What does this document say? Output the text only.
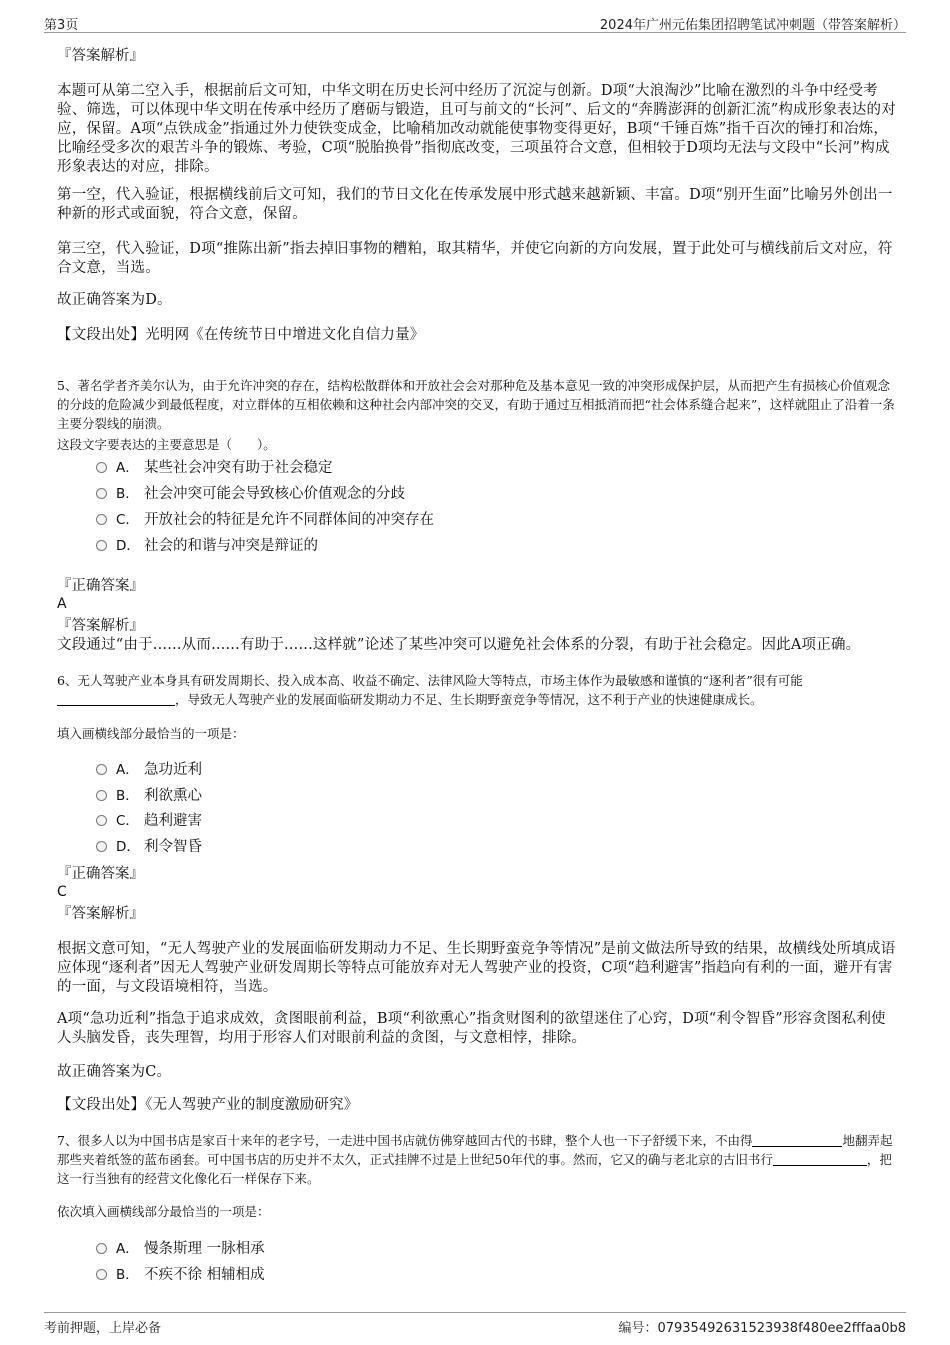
第3页	2024年广州元佑集团招聘笔试冲刺题（带答案解析）
『答案解析』
本题可从第二空入手，根据前后文可知，中华文明在历史长河中经历了沉淀与创新。D项“大浪淘沙”比喻在激烈的斗争中经受考验、筛选，可以体现中华文明在传承中经历了磨砺与锻造，且可与前文的“长河”、后文的“奔腾澎湃的创新汇流”构成形象表达的对应，保留。A项“点铁成金”指通过外力使铁变成金，比喻稍加改动就能使事物变得更好，B项“千锤百炼”指千百次的锤打和冶炼，比喻经受多次的艰苦斗争的锻炼、考验，C项“脱胎换骨”指彻底改变，三项虽符合文意，但相较于D项均无法与文段中“长河”构成形象表达的对应，排除。
第一空，代入验证，根据横线前后文可知，我们的节日文化在传承发展中形式越来越新颖、丰富。D项“别开生面”比喻另外创出一种新的形式或面貌，符合文意，保留。
第三空，代入验证，D项“推陈出新”指去掉旧事物的糟粕，取其精华，并使它向新的方向发展，置于此处可与横线前后文对应，符合文意，当选。
故正确答案为D。
【文段出处】光明网《在传统节日中增进文化自信力量》
5、著名学者齐美尔认为，由于允许冲突的存在，结构松散群体和开放社会会对那种危及基本意见一致的冲突形成保护层，从而把产生有损核心价值观念的分歧的危险减少到最低程度，对立群体的互相依赖和这种社会内部冲突的交叉，有助于通过互相抵消而把“社会体系缝合起来”，这样就阻止了沿着一条主要分裂线的崩溃。
这段文字要表达的主要意思是（　　）。
A． 某些社会冲突有助于社会稳定
B． 社会冲突可能会导致核心价值观念的分歧
C． 开放社会的特征是允许不同群体间的冲突存在
D． 社会的和谐与冲突是辩证的
『正确答案』
A
『答案解析』
文段通过“由于......从而......有助于......这样就”论述了某些冲突可以避免社会体系的分裂，有助于社会稳定。因此A项正确。
6、无人驾驶产业本身具有研发周期长、投入成本高、收益不确定、法律风险大等特点，市场主体作为最敏感和谨慎的“逐利者”很有可能，导致无人驾驶产业的发展面临研发期动力不足、生长期野蛮竞争等情况，这不利于产业的快速健康成长。
填入画横线部分最恰当的一项是：
A． 急功近利
B． 利欲熏心
C． 趋利避害
D． 利令智昏
『正确答案』
C
『答案解析』
根据文意可知，“无人驾驶产业的发展面临研发期动力不足、生长期野蛮竞争等情况”是前文做法所导致的结果，故横线处所填成语应体现“逐利者”因无人驾驶产业研发周期长等特点可能放弃对无人驾驶产业的投资，C项“趋利避害”指趋向有利的一面，避开有害的一面，与文段语境相符，当选。
A项“急功近利”指急于追求成效，贪图眼前利益，B项“利欲熏心”指贪财图利的欲望迷住了心窍，D项“利令智昏”形容贪图私利使人头脑发昏，丧失理智，均用于形容人们对眼前利益的贪图，与文意相悖，排除。
故正确答案为C。
【文段出处】《无人驾驶产业的制度激励研究》
7、很多人以为中国书店是家百十来年的老字号，一走进中国书店就仿佛穿越回古代的书肆，整个人也一下子舒缓下来，不由得	地翻弄起那些夹着纸签的蓝布函套。可中国书店的历史并不太久，正式挂牌不过是上世纪50年代的事。然而，它又的确与老北京的古旧书行	，把这一行当独有的经营文化像化石一样保存下来。
依次填入画横线部分最恰当的一项是：
A． 慢条斯理 一脉相承
B． 不疾不徐 相辅相成
考前押题，上岸必备	编号：07935492631523938f480ee2fffaa0b8
